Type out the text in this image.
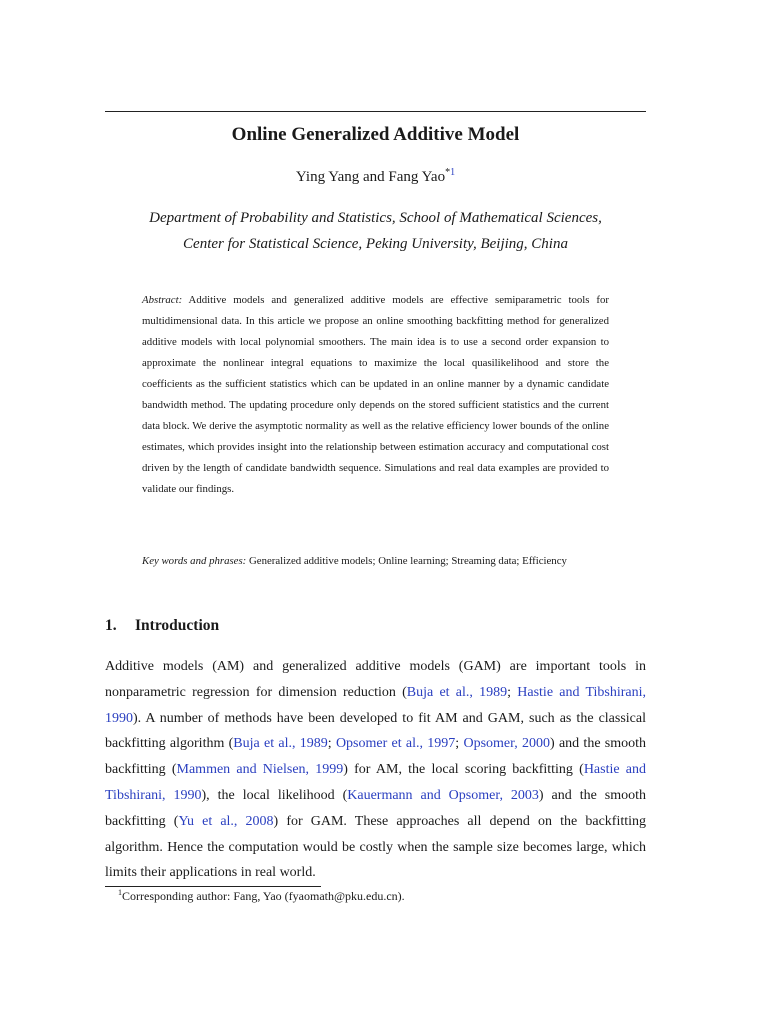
Online Generalized Additive Model
Ying Yang and Fang Yao$^{*1}$
Department of Probability and Statistics, School of Mathematical Sciences,
Center for Statistical Science, Peking University, Beijing, China
Abstract: Additive models and generalized additive models are effective semiparametric tools for multidimensional data. In this article we propose an online smoothing backfitting method for generalized additive models with local polynomial smoothers. The main idea is to use a second order expansion to approximate the nonlinear integral equations to maximize the local quasilikelihood and store the coefficients as the sufficient statistics which can be updated in an online manner by a dynamic candidate bandwidth method. The updating procedure only depends on the stored sufficient statistics and the current data block. We derive the asymptotic normality as well as the relative efficiency lower bounds of the online estimates, which provides insight into the relationship between estimation accuracy and computational cost driven by the length of candidate bandwidth sequence. Simulations and real data examples are provided to validate our findings.
Key words and phrases: Generalized additive models; Online learning; Streaming data; Efficiency
1. Introduction
Additive models (AM) and generalized additive models (GAM) are important tools in nonparametric regression for dimension reduction (Buja et al., 1989; Hastie and Tibshirani, 1990). A number of methods have been developed to fit AM and GAM, such as the classical backfitting algorithm (Buja et al., 1989; Opsomer et al., 1997; Opsomer, 2000) and the smooth backfitting (Mammen and Nielsen, 1999) for AM, the local scoring backfitting (Hastie and Tibshirani, 1990), the local likelihood (Kauermann and Opsomer, 2003) and the smooth backfitting (Yu et al., 2008) for GAM. These approaches all depend on the backfitting algorithm. Hence the computation would be costly when the sample size becomes large, which limits their applications in real world.
$^1$Corresponding author: Fang, Yao (fyaomath@pku.edu.cn).
